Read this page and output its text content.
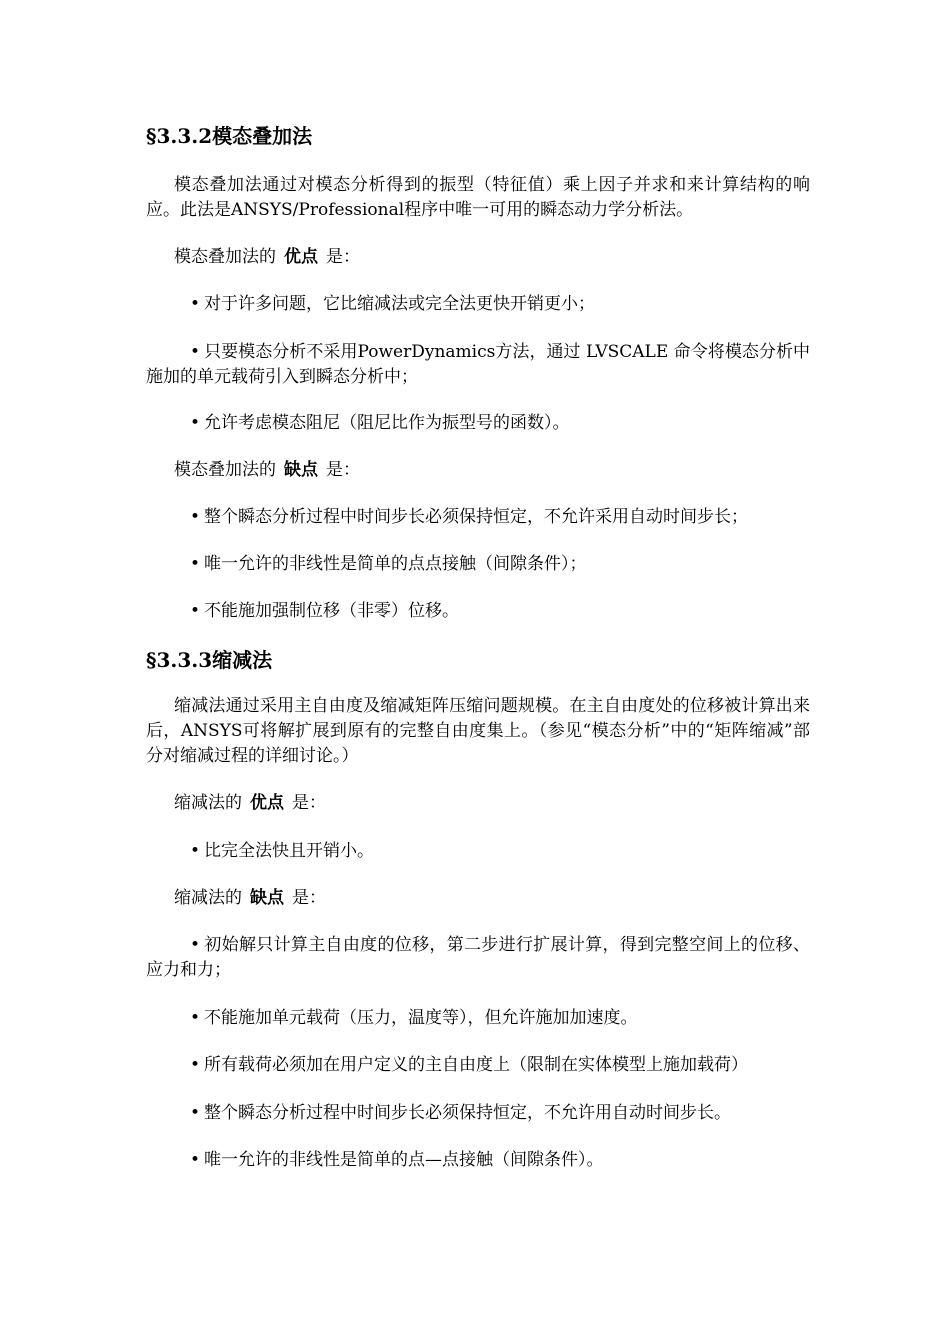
§3.3.2模态叠加法
模态叠加法通过对模态分析得到的振型（特征值）乘上因子并求和来计算结构的响应。此法是ANSYS/Professional程序中唯一可用的瞬态动力学分析法。
模态叠加法的 优点 是：
• 对于许多问题，它比缩减法或完全法更快开销更小；
• 只要模态分析不采用PowerDynamics方法，通过 LVSCALE 命令将模态分析中施加的单元载荷引入到瞬态分析中；
• 允许考虑模态阻尼（阻尼比作为振型号的函数）。
模态叠加法的 缺点 是：
• 整个瞬态分析过程中时间步长必须保持恒定，不允许采用自动时间步长；
• 唯一允许的非线性是简单的点点接触（间隙条件）；
• 不能施加强制位移（非零）位移。
§3.3.3缩减法
缩减法通过采用主自由度及缩减矩阵压缩问题规模。在主自由度处的位移被计算出来后，ANSYS可将解扩展到原有的完整自由度集上。（参见“模态分析”中的“矩阵缩减”部分对缩减过程的详细讨论。）
缩减法的 优点 是：
• 比完全法快且开销小。
缩减法的 缺点 是：
• 初始解只计算主自由度的位移，第二步进行扩展计算，得到完整空间上的位移、应力和力；
• 不能施加单元载荷（压力，温度等），但允许施加加速度。
• 所有载荷必须加在用户定义的主自由度上（限制在实体模型上施加载荷）
• 整个瞬态分析过程中时间步长必须保持恒定，不允许用自动时间步长。
• 唯一允许的非线性是简单的点—点接触（间隙条件）。
